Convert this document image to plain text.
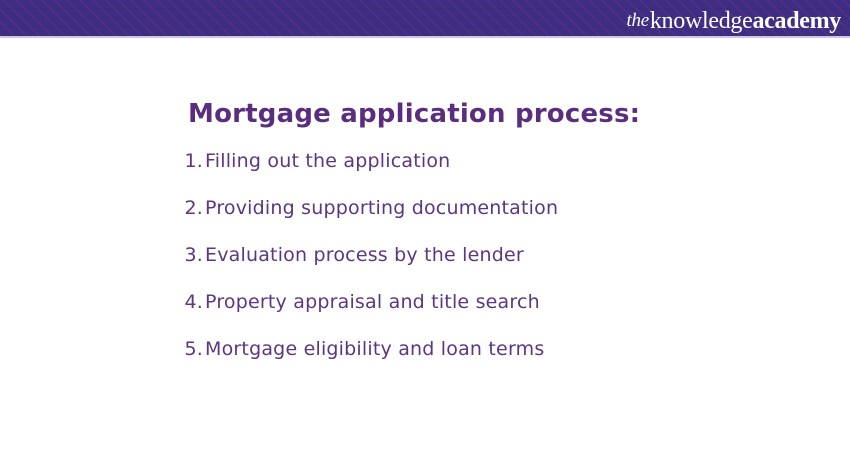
the knowledge academy
Mortgage application process:
1. Filling out the application
2. Providing supporting documentation
3. Evaluation process by the lender
4. Property appraisal and title search
5. Mortgage eligibility and loan terms
